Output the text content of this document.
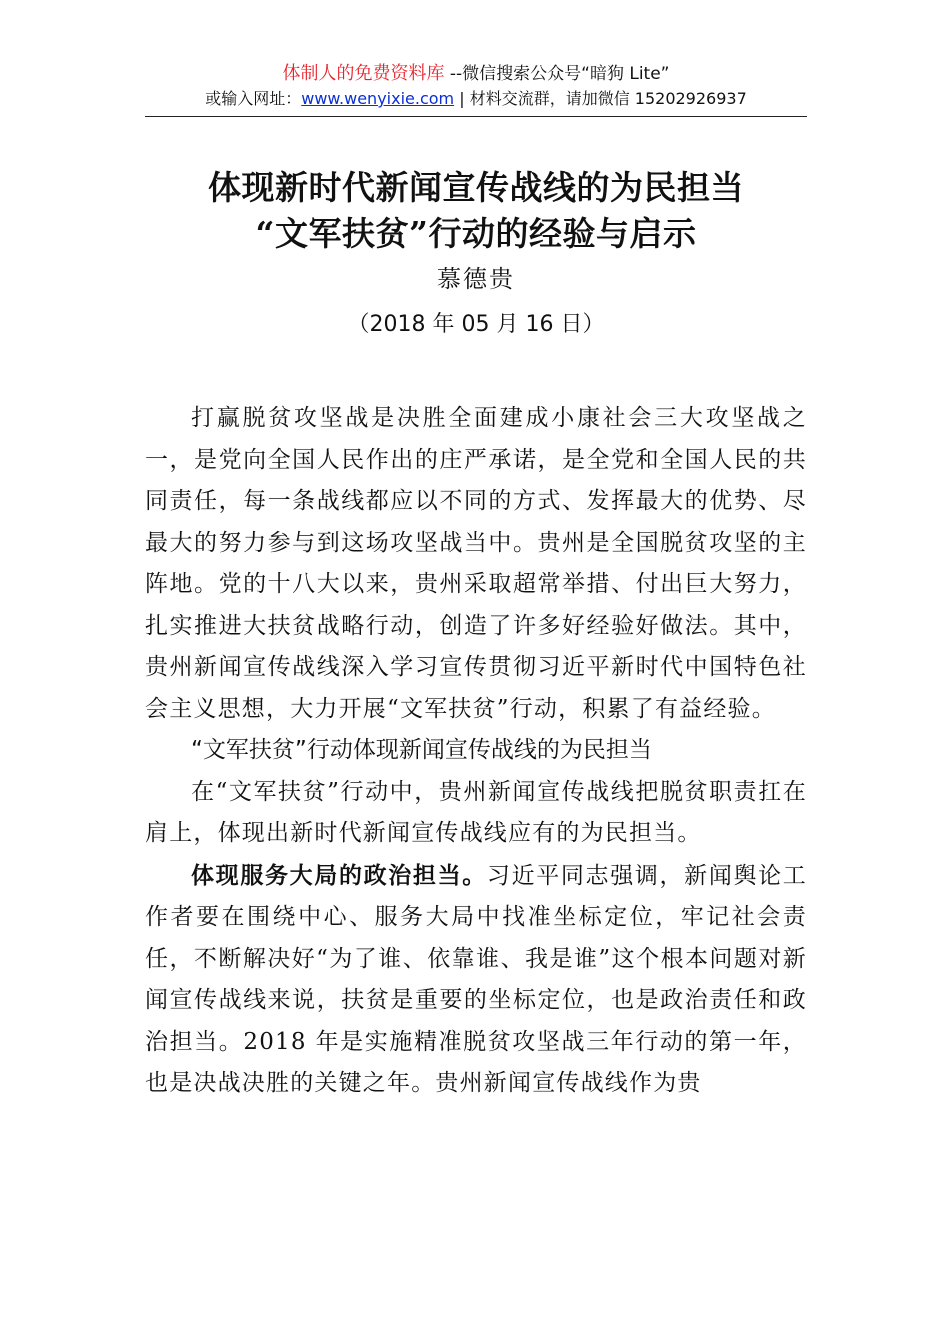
体制人的免费资料库 --微信搜索公众号“暗狗 Lite”
或输入网址：www.wenyixie.com | 材料交流群，请加微信 15202926937
体现新时代新闻宣传战线的为民担当
“文军扶贫”行动的经验与启示
慕德贵
（2018 年 05 月 16 日）

打赢脱贫攻坚战是决胜全面建成小康社会三大攻坚战之一，是党向全国人民作出的庄严承诺，是全党和全国人民的共同责任，每一条战线都应以不同的方式、发挥最大的优势、尽最大的努力参与到这场攻坚战当中。贵州是全国脱贫攻坚的主阵地。党的十八大以来，贵州采取超常举措、付出巨大努力，扎实推进大扶贫战略行动，创造了许多好经验好做法。其中，贵州新闻宣传战线深入学习宣传贯彻习近平新时代中国特色社会主义思想，大力开展“文军扶贫”行动，积累了有益经验。

“文军扶贫”行动体现新闻宣传战线的为民担当

在“文军扶贫”行动中，贵州新闻宣传战线把脱贫职责扛在肩上，体现出新时代新闻宣传战线应有的为民担当。

体现服务大局的政治担当。习近平同志强调，新闻舆论工作者要在围绕中心、服务大局中找准坐标定位，牢记社会责任，不断解决好“为了谁、依靠谁、我是谁”这个根本问题对新闻宣传战线来说，扶贫是重要的坐标定位，也是政治责任和政治担当。2018 年是实施精准脱贫攻坚战三年行动的第一年，也是决战决胜的关键之年。贵州新闻宣传战线作为贵
